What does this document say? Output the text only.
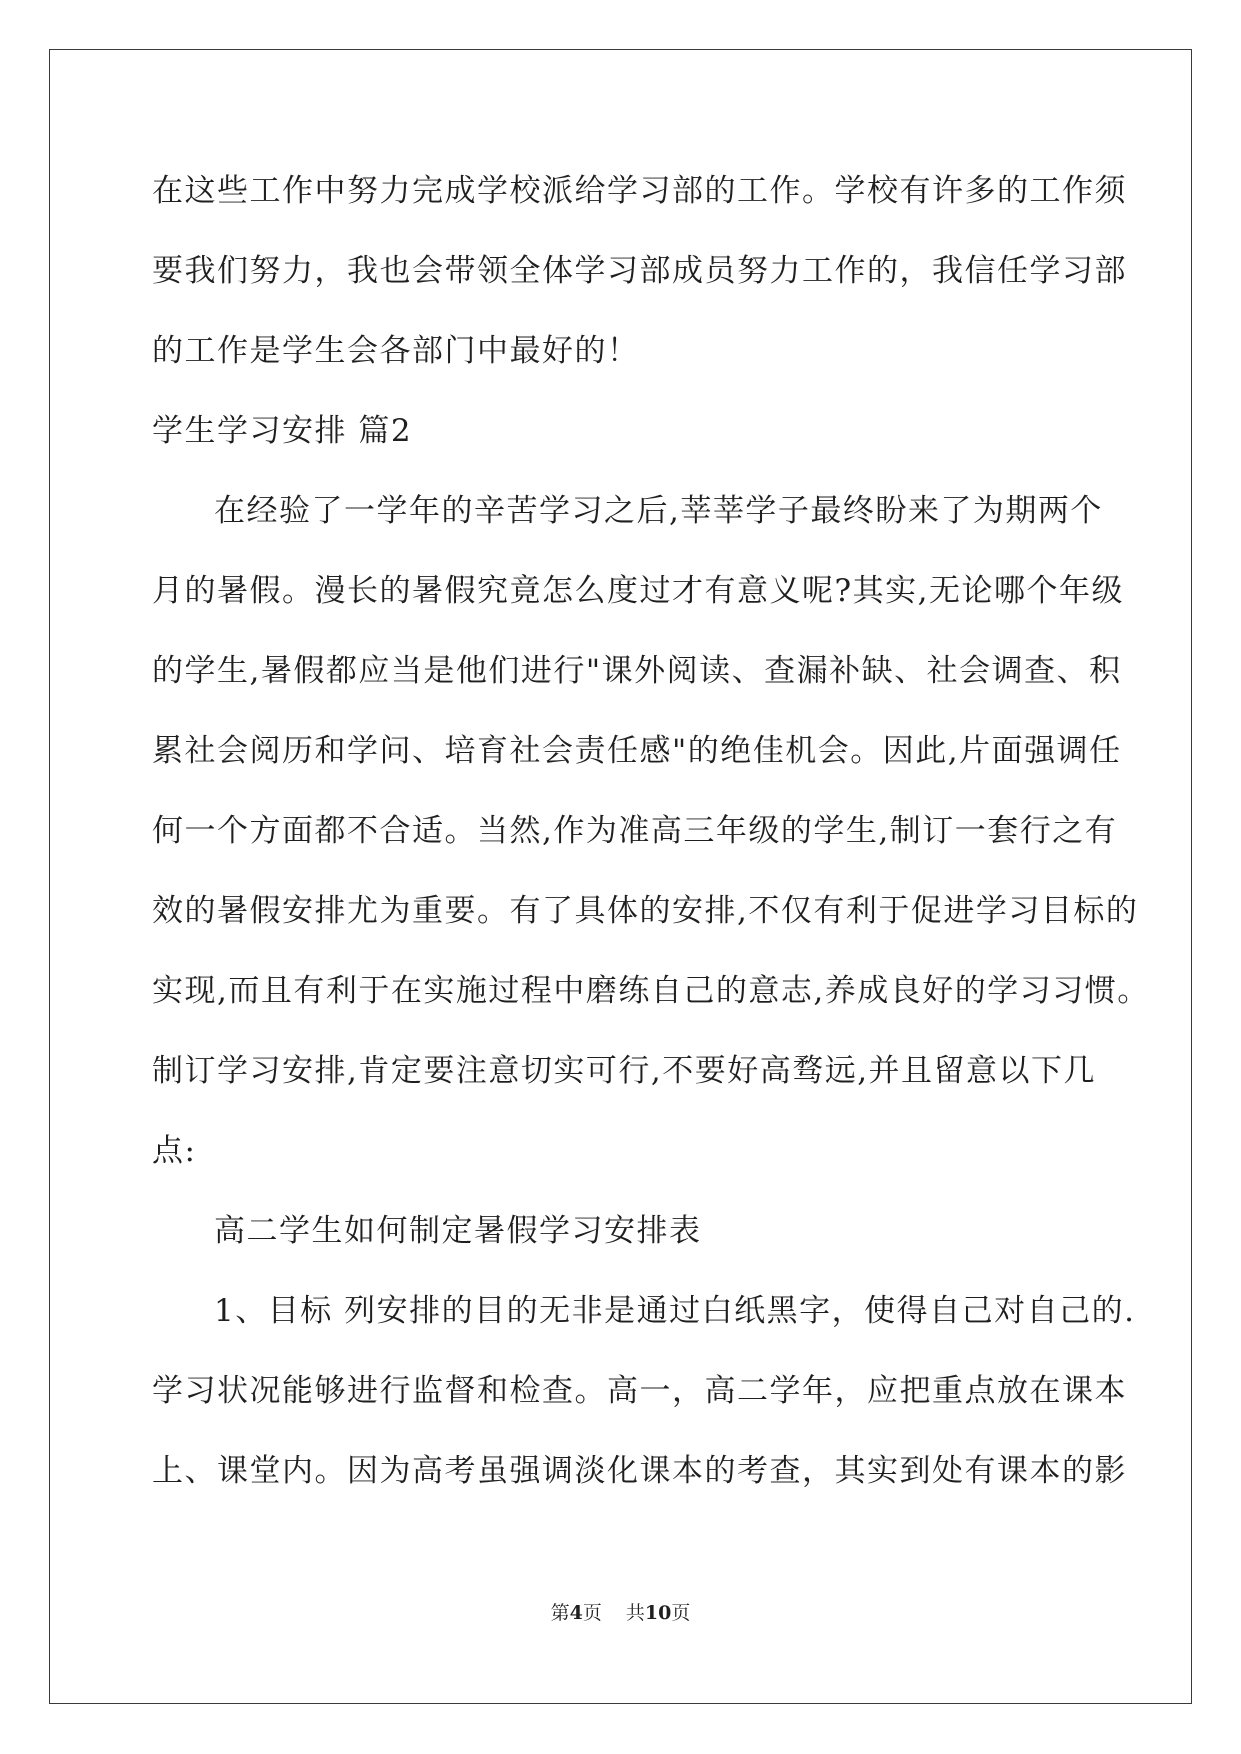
在这些工作中努力完成学校派给学习部的工作。学校有许多的工作须
要我们努力，我也会带领全体学习部成员努力工作的，我信任学习部
的工作是学生会各部门中最好的！
学生学习安排 篇2
在经验了一学年的辛苦学习之后,莘莘学子最终盼来了为期两个
月的暑假。漫长的暑假究竟怎么度过才有意义呢?其实,无论哪个年级
的学生,暑假都应当是他们进行"课外阅读、查漏补缺、社会调查、积
累社会阅历和学问、培育社会责任感"的绝佳机会。因此,片面强调任
何一个方面都不合适。当然,作为准高三年级的学生,制订一套行之有
效的暑假安排尤为重要。有了具体的安排,不仅有利于促进学习目标的
实现,而且有利于在实施过程中磨练自己的意志,养成良好的学习习惯。
制订学习安排,肯定要注意切实可行,不要好高骛远,并且留意以下几
点:
高二学生如何制定暑假学习安排表
1、目标 列安排的目的无非是通过白纸黑字，使得自己对自己的.
学习状况能够进行监督和检查。高一，高二学年，应把重点放在课本
上、课堂内。因为高考虽强调淡化课本的考查，其实到处有课本的影
第4页 共10页
